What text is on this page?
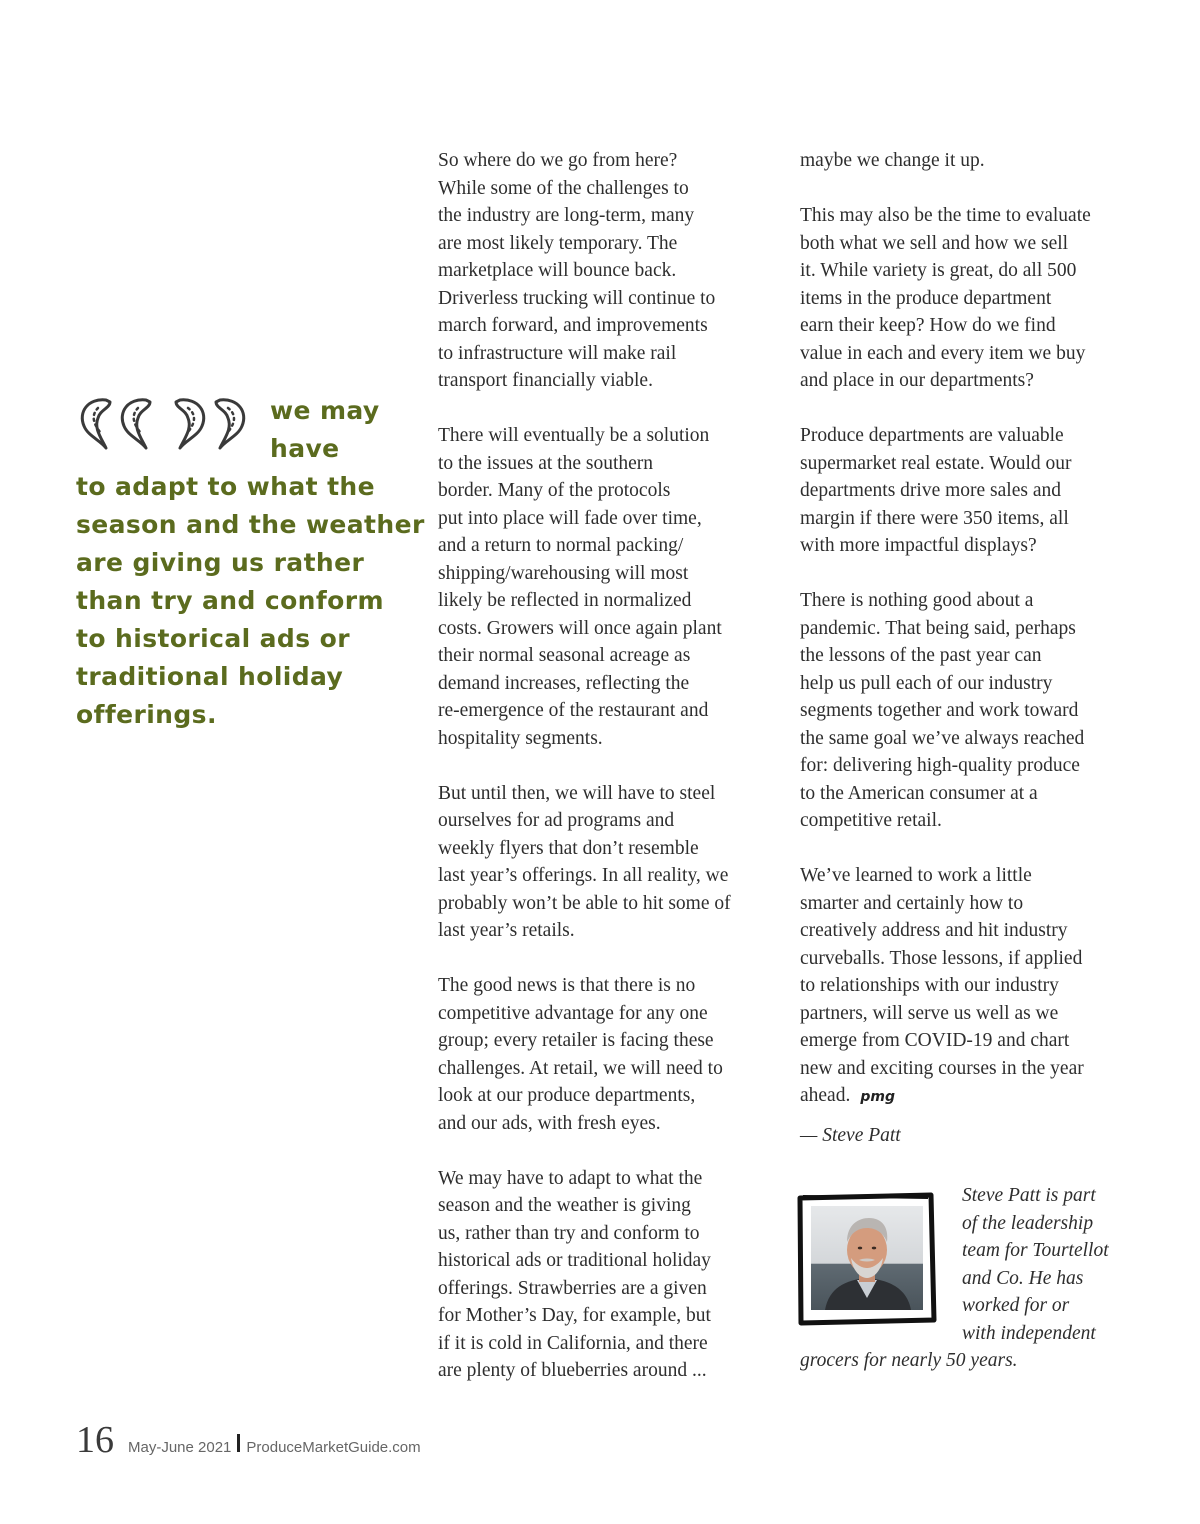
we may
have
to adapt to what the
season and the weather
are giving us rather
than try and conform
to historical ads or
traditional holiday
offerings.
So where do we go from here?
While some of the challenges to
the industry are long-term, many
are most likely temporary. The
marketplace will bounce back.
Driverless trucking will continue to
march forward, and improvements
to infrastructure will make rail
transport financially viable.
There will eventually be a solution
to the issues at the southern
border. Many of the protocols
put into place will fade over time,
and a return to normal packing/
shipping/warehousing will most
likely be reflected in normalized
costs. Growers will once again plant
their normal seasonal acreage as
demand increases, reflecting the
re-emergence of the restaurant and
hospitality segments.
But until then, we will have to steel
ourselves for ad programs and
weekly flyers that don’t resemble
last year’s offerings. In all reality, we
probably won’t be able to hit some of
last year’s retails.
The good news is that there is no
competitive advantage for any one
group; every retailer is facing these
challenges. At retail, we will need to
look at our produce departments,
and our ads, with fresh eyes.
We may have to adapt to what the
season and the weather is giving
us, rather than try and conform to
historical ads or traditional holiday
offerings. Strawberries are a given
for Mother’s Day, for example, but
if it is cold in California, and there
are plenty of blueberries around ...
maybe we change it up.
This may also be the time to evaluate
both what we sell and how we sell
it. While variety is great, do all 500
items in the produce department
earn their keep? How do we find
value in each and every item we buy
and place in our departments?
Produce departments are valuable
supermarket real estate. Would our
departments drive more sales and
margin if there were 350 items, all
with more impactful displays?
There is nothing good about a
pandemic. That being said, perhaps
the lessons of the past year can
help us pull each of our industry
segments together and work toward
the same goal we’ve always reached
for: delivering high-quality produce
to the American consumer at a
competitive retail.
We’ve learned to work a little
smarter and certainly how to
creatively address and hit industry
curveballs. Those lessons, if applied
to relationships with our industry
partners, will serve us well as we
emerge from COVID-19 and chart
new and exciting courses in the year
ahead. pmg
— Steve Patt
Steve Patt is part
of the leadership
team for Tourtellot
and Co. He has
worked for or
with independent
grocers for nearly 50 years.
16 May-June 2021 ProduceMarketGuide.com
